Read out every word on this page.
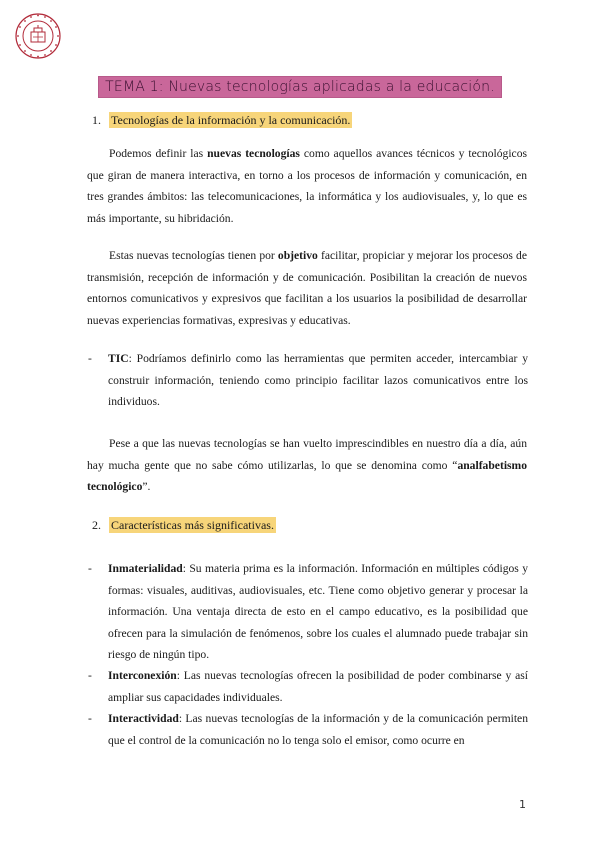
TEMA 1: Nuevas tecnologías aplicadas a la educación.
1. Tecnologías de la información y la comunicación.
Podemos definir las nuevas tecnologías como aquellos avances técnicos y tecnológicos que giran de manera interactiva, en torno a los procesos de información y comunicación, en tres grandes ámbitos: las telecomunicaciones, la informática y los audiovisuales, y, lo que es más importante, su hibridación.
Estas nuevas tecnologías tienen por objetivo facilitar, propiciar y mejorar los procesos de transmisión, recepción de información y de comunicación. Posibilitan la creación de nuevos entornos comunicativos y expresivos que facilitan a los usuarios la posibilidad de desarrollar nuevas experiencias formativas, expresivas y educativas.
- TIC: Podríamos definirlo como las herramientas que permiten acceder, intercambiar y construir información, teniendo como principio facilitar lazos comunicativos entre los individuos.
Pese a que las nuevas tecnologías se han vuelto imprescindibles en nuestro día a día, aún hay mucha gente que no sabe cómo utilizarlas, lo que se denomina como “analfabetismo tecnológico”.
2. Características más significativas.
- Inmaterialidad: Su materia prima es la información. Información en múltiples códigos y formas: visuales, auditivas, audiovisuales, etc. Tiene como objetivo generar y procesar la información. Una ventaja directa de esto en el campo educativo, es la posibilidad que ofrecen para la simulación de fenómenos, sobre los cuales el alumnado puede trabajar sin riesgo de ningún tipo.
- Interconexión: Las nuevas tecnologías ofrecen la posibilidad de poder combinarse y así ampliar sus capacidades individuales.
- Interactividad: Las nuevas tecnologías de la información y de la comunicación permiten que el control de la comunicación no lo tenga solo el emisor, como ocurre en
1
